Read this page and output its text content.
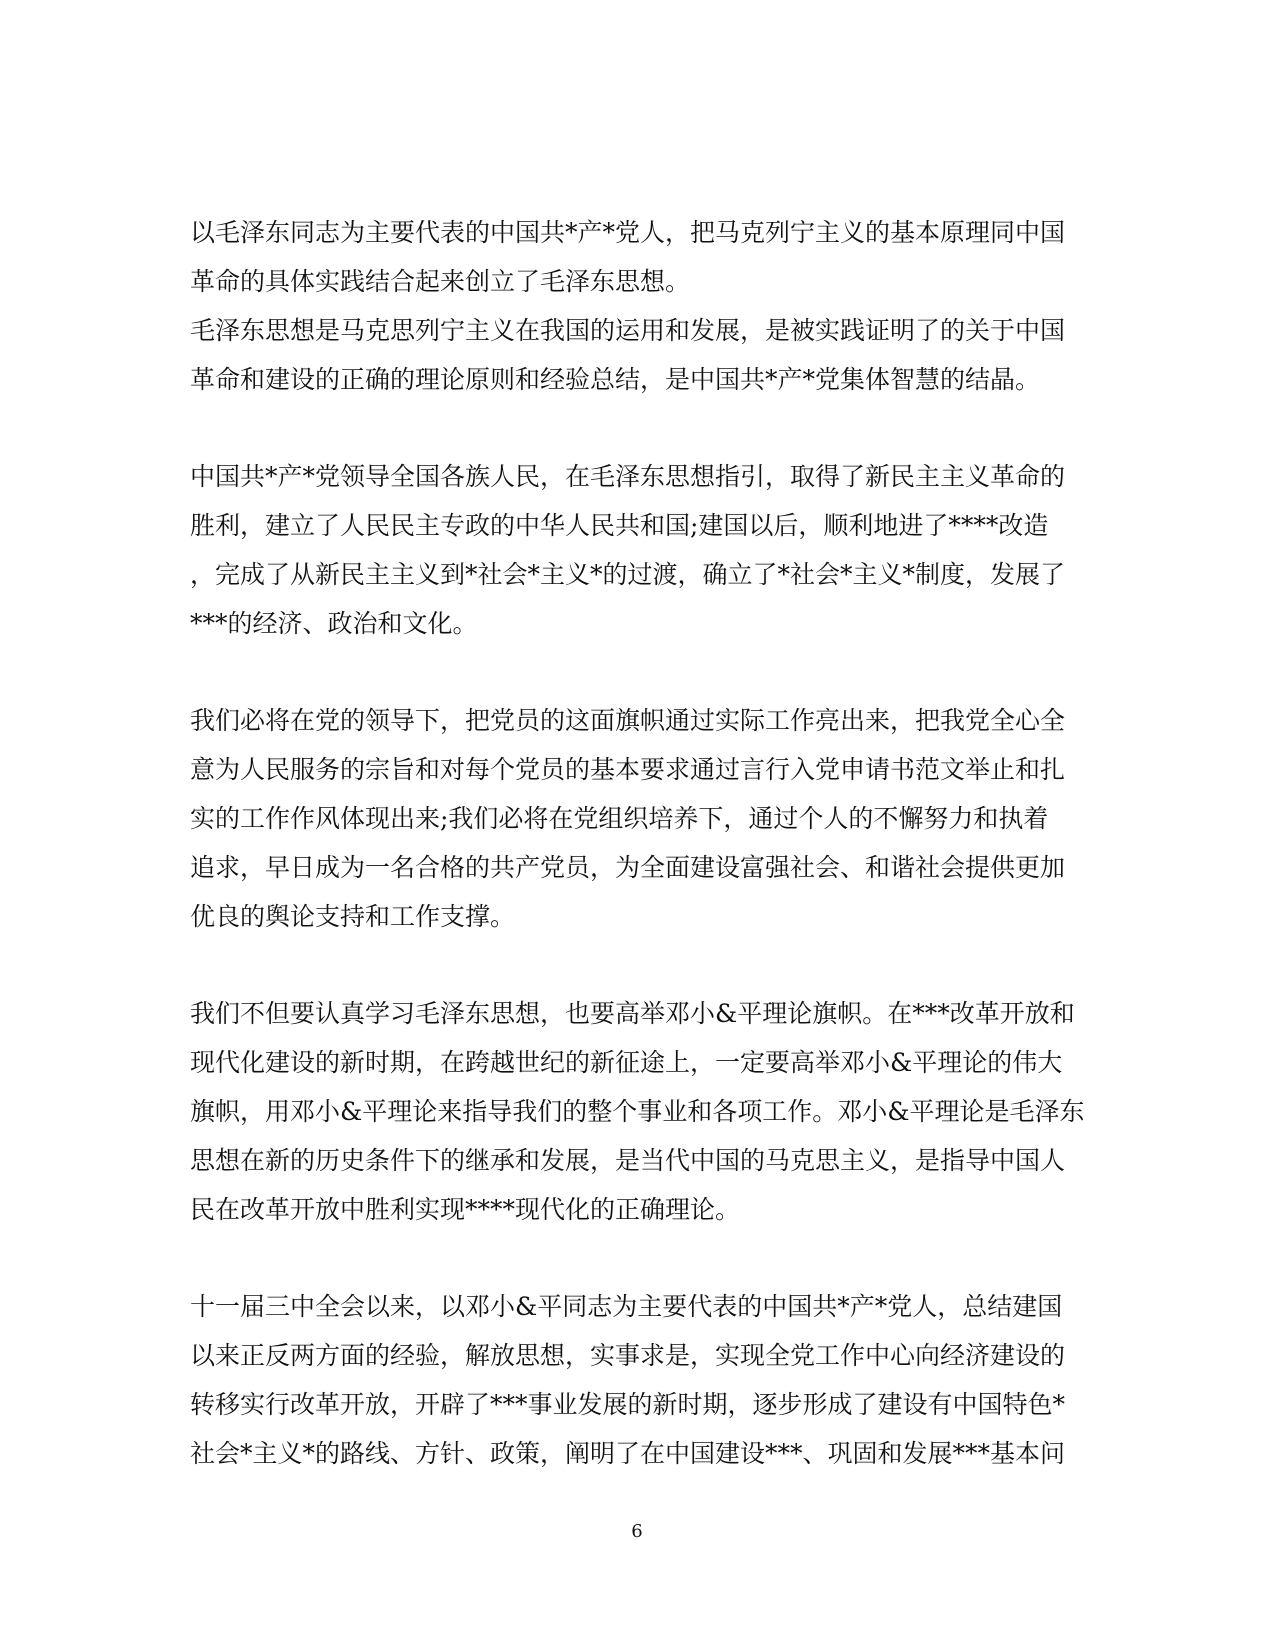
以毛泽东同志为主要代表的中国共*产*党人，把马克列宁主义的基本原理同中国
革命的具体实践结合起来创立了毛泽东思想。
毛泽东思想是马克思列宁主义在我国的运用和发展，是被实践证明了的关于中国
革命和建设的正确的理论原则和经验总结，是中国共*产*党集体智慧的结晶。
中国共*产*党领导全国各族人民，在毛泽东思想指引，取得了新民主主义革命的
胜利，建立了人民民主专政的中华人民共和国;建国以后，顺利地进了****改造
，完成了从新民主主义到*社会*主义*的过渡，确立了*社会*主义*制度，发展了
***的经济、政治和文化。
我们必将在党的领导下，把党员的这面旗帜通过实际工作亮出来，把我党全心全
意为人民服务的宗旨和对每个党员的基本要求通过言行入党申请书范文举止和扎
实的工作作风体现出来;我们必将在党组织培养下，通过个人的不懈努力和执着
追求，早日成为一名合格的共产党员，为全面建设富强社会、和谐社会提供更加
优良的舆论支持和工作支撑。
我们不但要认真学习毛泽东思想，也要高举邓小&平理论旗帜。在***改革开放和
现代化建设的新时期，在跨越世纪的新征途上，一定要高举邓小&平理论的伟大
旗帜，用邓小&平理论来指导我们的整个事业和各项工作。邓小&平理论是毛泽东
思想在新的历史条件下的继承和发展，是当代中国的马克思主义，是指导中国人
民在改革开放中胜利实现****现代化的正确理论。
十一届三中全会以来，以邓小&平同志为主要代表的中国共*产*党人，总结建国
以来正反两方面的经验，解放思想，实事求是，实现全党工作中心向经济建设的
转移实行改革开放，开辟了***事业发展的新时期，逐步形成了建设有中国特色*
社会*主义*的路线、方针、政策，阐明了在中国建设***、巩固和发展***基本问
6
